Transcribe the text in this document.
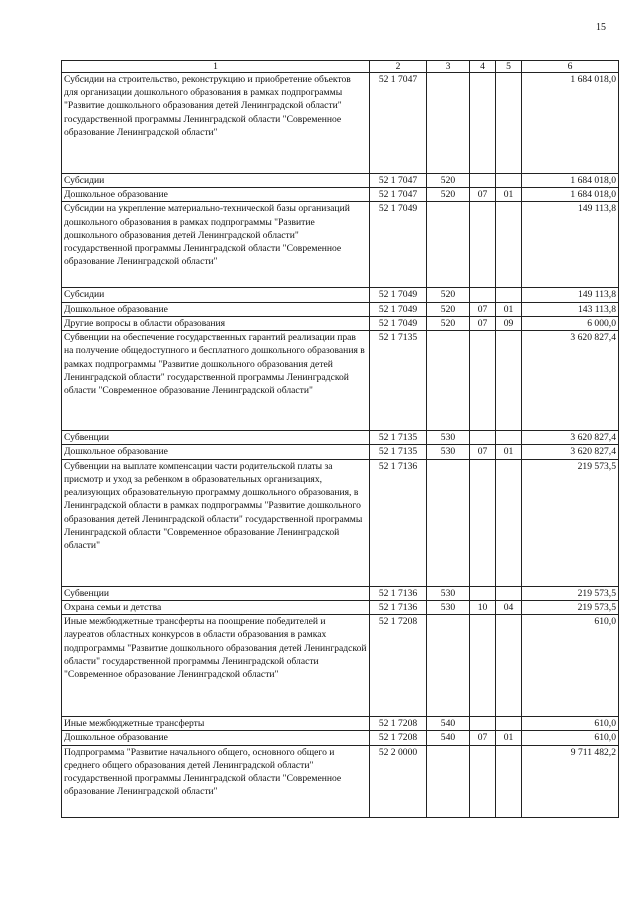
15
1	2	3	4	5	6
Субсидии на строительство, реконструкцию и приобретение объектов для организации дошкольного образования в рамках подпрограммы "Развитие дошкольного образования детей Ленинградской области" государственной программы Ленинградской области "Современное образование Ленинградской области"	52 1 7047				1 684 018,0
Субсидии	52 1 7047	520			1 684 018,0
Дошкольное образование	52 1 7047	520	07	01	1 684 018,0
Субсидии на укрепление материально-технической базы организаций дошкольного образования в рамках подпрограммы "Развитие дошкольного образования детей Ленинградской области" государственной программы Ленинградской области "Современное образование Ленинградской области"	52 1 7049				149 113,8
Субсидии	52 1 7049	520			149 113,8
Дошкольное образование	52 1 7049	520	07	01	143 113,8
Другие вопросы в области образования	52 1 7049	520	07	09	6 000,0
Субвенции на обеспечение государственных гарантий реализации прав на получение общедоступного и бесплатного дошкольного образования в рамках подпрограммы "Развитие дошкольного образования детей Ленинградской области" государственной программы Ленинградской области "Современное образование Ленинградской области"	52 1 7135				3 620 827,4
Субвенции	52 1 7135	530			3 620 827,4
Дошкольное образование	52 1 7135	530	07	01	3 620 827,4
Субвенции на выплате компенсации части родительской платы за присмотр и уход за ребенком в образовательных организациях, реализующих образовательную программу дошкольного образования, в Ленинградской области в рамках подпрограммы "Развитие дошкольного образования детей Ленинградской области" государственной программы Ленинградской области "Современное образование Ленинградской области"	52 1 7136				219 573,5
Субвенции	52 1 7136	530			219 573,5
Охрана семьи и детства	52 1 7136	530	10	04	219 573,5
Иные межбюджетные трансферты на поощрение победителей и лауреатов областных конкурсов в области образования в рамках подпрограммы "Развитие дошкольного образования детей Ленинградской области" государственной программы Ленинградской области "Современное образование Ленинградской области"	52 1 7208				610,0
Иные межбюджетные трансферты	52 1 7208	540			610,0
Дошкольное образование	52 1 7208	540	07	01	610,0
Подпрограмма "Развитие начального общего, основного общего и среднего общего образования детей Ленинградской области" государственной программы Ленинградской области "Современное образование Ленинградской области"	52 2 0000				9 711 482,2
